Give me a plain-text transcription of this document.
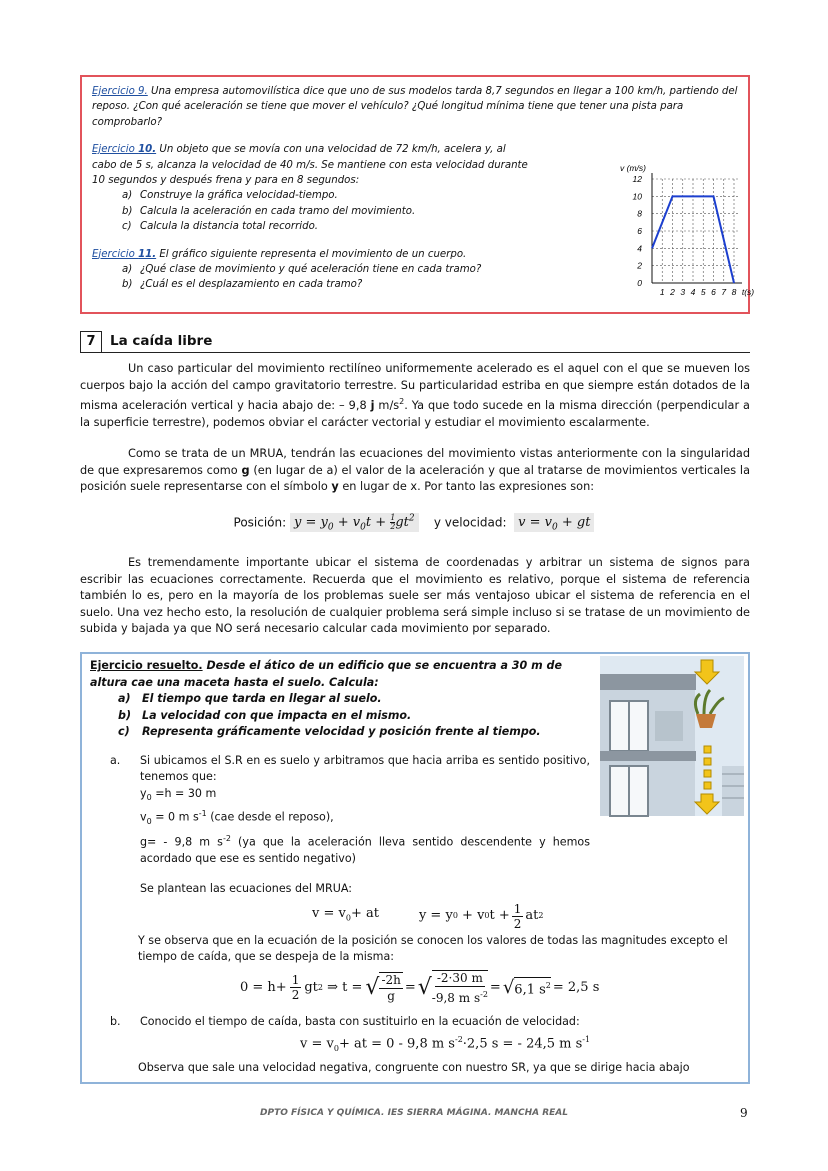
Ejercicio 9. Una empresa automovilística dice que uno de sus modelos tarda 8,7 segundos en llegar a 100 km/h, partiendo del reposo. ¿Con qué aceleración se tiene que mover el vehículo? ¿Qué longitud mínima tiene que tener una pista para comprobarlo?
Ejercicio 10. Un objeto que se movía con una velocidad de 72 km/h, acelera y, al cabo de 5 s, alcanza la velocidad de 40 m/s. Se mantiene con esta velocidad durante 10 segundos y después frena y para en 8 segundos:
a) Construye la gráfica velocidad-tiempo.
b) Calcula la aceleración en cada tramo del movimiento.
c) Calcula la distancia total recorrido.
Ejercicio 11. El gráfico siguiente representa el movimiento de un cuerpo.
a) ¿Qué clase de movimiento y qué aceleración tiene en cada tramo?
b) ¿Cuál es el desplazamiento en cada tramo?	0
2
4
6
8
10
12
1 2 3 4 5 6 7 8
v (m/s)
t(s)
7	La caída libre
Un caso particular del movimiento rectilíneo uniformemente acelerado es el aquel con el que se mueven los cuerpos bajo la acción del campo gravitatorio terrestre. Su particularidad estriba en que siempre están dotados de la misma aceleración vertical y hacia abajo de: – 9,8 j $m/s^2$. Ya que todo sucede en la misma dirección (perpendicular a la superficie terrestre), podemos obviar el carácter vectorial y estudiar el movimiento escalarmente.
Como se trata de un MRUA, tendrán las ecuaciones del movimiento vistas anteriormente con la singularidad de que expresaremos como g (en lugar de a) el valor de la aceleración y que al tratarse de movimientos verticales la posición suele representarse con el símbolo y en lugar de x. Por tanto las expresiones son:
Posición: $y = y_0 + v_0t + \frac{1}{2} gt^2$ y velocidad: $v = v_0$ + gt
Es tremendamente importante ubicar el sistema de coordenadas y arbitrar un sistema de signos para escribir las ecuaciones correctamente. Recuerda que el movimiento es relativo, porque el sistema de referencia también lo es, pero en la mayoría de los problemas suele ser más ventajoso ubicar el sistema de referencia en el suelo. Una vez hecho esto, la resolución de cualquier problema será simple incluso si se tratase de un movimiento de subida y bajada ya que NO será necesario calcular cada movimiento por separado.
Ejercicio resuelto. Desde el ático de un edificio que se encuentra a 30 m de altura cae una maceta hasta el suelo. Calcula:
a)	El tiempo que tarda en llegar al suelo.
b) La velocidad con que impacta en el mismo.
c)	Representa gráficamente velocidad y posición frente al tiempo.
a.	Si ubicamos el S.R en es suelo y arbitramos que hacia arriba es sentido positivo, tenemos que:
$y_0 =h = 30$ m
$v_0 = 0$ m $s^{-1}$ (cae desde el reposo),
g= - 9,8 m $s^{-2}$ (ya que la aceleración lleva sentido descendente y hemos acordado que ese es sentido negativo)
Se plantean las ecuaciones del MRUA:
$v = v_0+$ at	y = y 0
+ v 0 $t + \frac{1}{2}$ at 2
Y se observa que en la ecuación de la posición se conocen los valores de todas las magnitudes excepto el tiempo de caída, que se despeja de la misma:
$0 = h+ \frac{1}{2}$ gt 2
⇒ t = √ $\frac{-2h}{g}$ = √ $\frac{-2\cdot 30 m}{-9,8 m s^{-2}}$ = √ 6,1 $s^2 = 2,5$ s
b.	Conocido el tiempo de caída, basta con sustituirlo en la ecuación de velocidad:
$v = v_0+$ at = 0 - 9,8 m $s^{-2}\cdot 2,5$ s = - 24,5 m $s^{-1}$
Observa que sale una velocidad negativa, congruente con nuestro SR, ya que se dirige hacia abajo
DPTO FÍSICA Y QUÍMICA. IES SIERRA MÁGINA. MANCHA REAL	9
